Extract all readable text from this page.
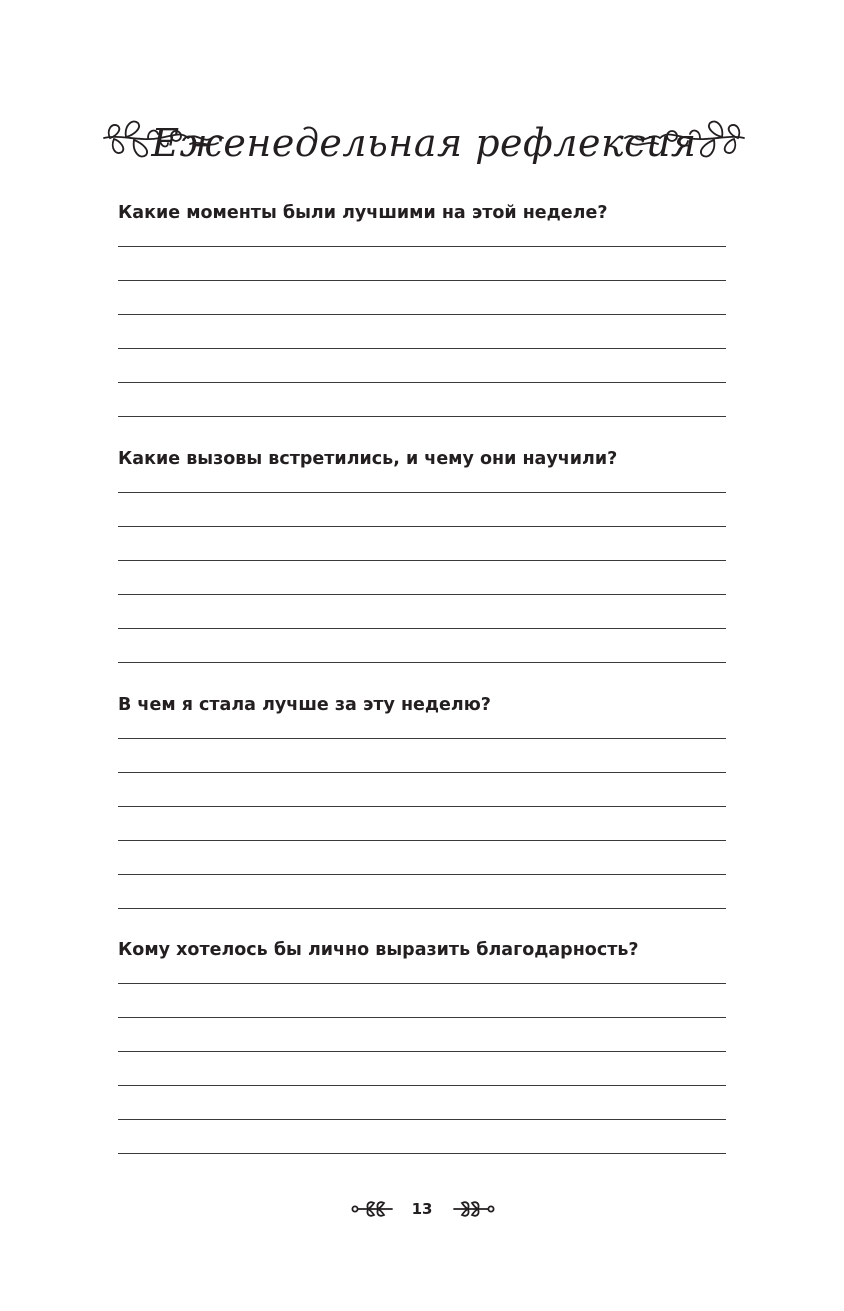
Еженедельная рефлексия
Какие моменты были лучшими на этой неделе?
Какие вызовы встретились, и чему они научили?
В чем я стала лучше за эту неделю?
Кому хотелось бы лично выразить благодарность?
13
